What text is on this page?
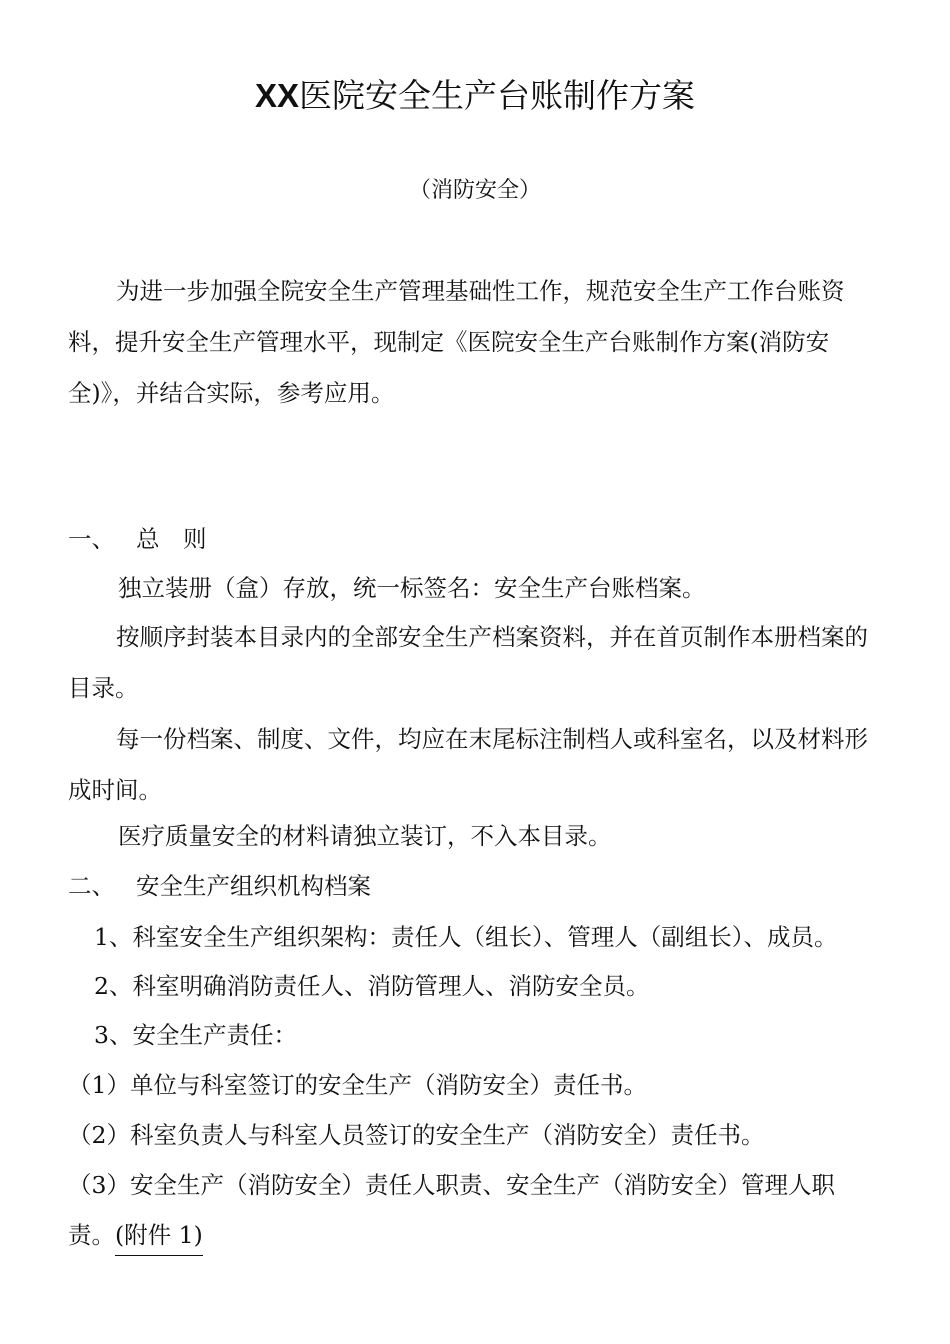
XX医院安全生产台账制作方案
（消防安全）

为进一步加强全院安全生产管理基础性工作，规范安全生产工作台账资料，提升安全生产管理水平，现制定《医院安全生产台账制作方案(消防安全)》，并结合实际，参考应用。

一、 总　则
独立装册（盒）存放，统一标签名：安全生产台账档案。

按顺序封装本目录内的全部安全生产档案资料，并在首页制作本册档案的目录。

每一份档案、制度、文件，均应在末尾标注制档人或科室名，以及材料形成时间。

医疗质量安全的材料请独立装订，不入本目录。
二、 安全生产组织机构档案
1、科室安全生产组织架构：责任人（组长）、管理人（副组长）、成员。
2、科室明确消防责任人、消防管理人、消防安全员。
3、安全生产责任：
（1）单位与科室签订的安全生产（消防安全）责任书。
（2）科室负责人与科室人员签订的安全生产（消防安全）责任书。
（3）安全生产（消防安全）责任人职责、安全生产（消防安全）管理人职
责。(附件 1)
